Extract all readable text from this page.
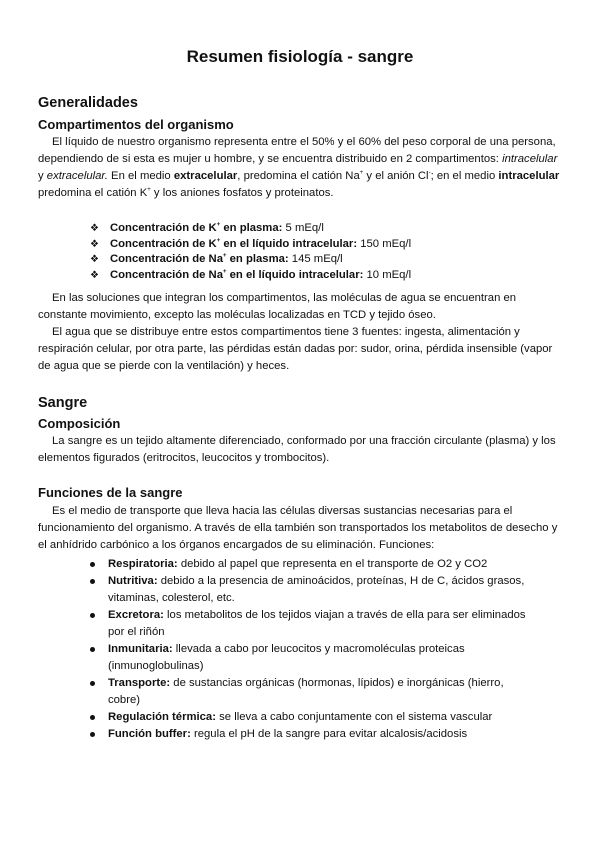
Resumen fisiología - sangre
Generalidades
Compartimentos del organismo
El líquido de nuestro organismo representa entre el 50% y el 60% del peso corporal de una persona, dependiendo de si esta es mujer u hombre, y se encuentra distribuido en 2 compartimentos: intracelular y extracelular. En el medio extracelular, predomina el catión Na+ y el anión Cl-; en el medio intracelular predomina el catión K+ y los aniones fosfatos y proteinatos.
❖ Concentración de K+ en plasma: 5 mEq/l
❖ Concentración de K+ en el líquido intracelular: 150 mEq/l
❖ Concentración de Na+ en plasma: 145 mEq/l
❖ Concentración de Na+ en el líquido intracelular: 10 mEq/l
En las soluciones que integran los compartimentos, las moléculas de agua se encuentran en constante movimiento, excepto las moléculas localizadas en TCD y tejido óseo.
El agua que se distribuye entre estos compartimentos tiene 3 fuentes: ingesta, alimentación y respiración celular, por otra parte, las pérdidas están dadas por: sudor, orina, pérdida insensible (vapor de agua que se pierde con la ventilación) y heces.
Sangre
Composición
La sangre es un tejido altamente diferenciado, conformado por una fracción circulante (plasma) y los elementos figurados (eritrocitos, leucocitos y trombocitos).
Funciones de la sangre
Es el medio de transporte que lleva hacia las células diversas sustancias necesarias para el funcionamiento del organismo. A través de ella también son transportados los metabolitos de desecho y el anhídrido carbónico a los órganos encargados de su eliminación. Funciones:
Respiratoria: debido al papel que representa en el transporte de O2 y CO2
Nutritiva: debido a la presencia de aminoácidos, proteínas, H de C, ácidos grasos, vitaminas, colesterol, etc.
Excretora: los metabolitos de los tejidos viajan a través de ella para ser eliminados por el riñón
Inmunitaria: llevada a cabo por leucocitos y macromoléculas proteicas (inmunoglobulinas)
Transporte: de sustancias orgánicas (hormonas, lípidos) e inorgánicas (hierro, cobre)
Regulación térmica: se lleva a cabo conjuntamente con el sistema vascular
Función buffer: regula el pH de la sangre para evitar alcalosis/acidosis
